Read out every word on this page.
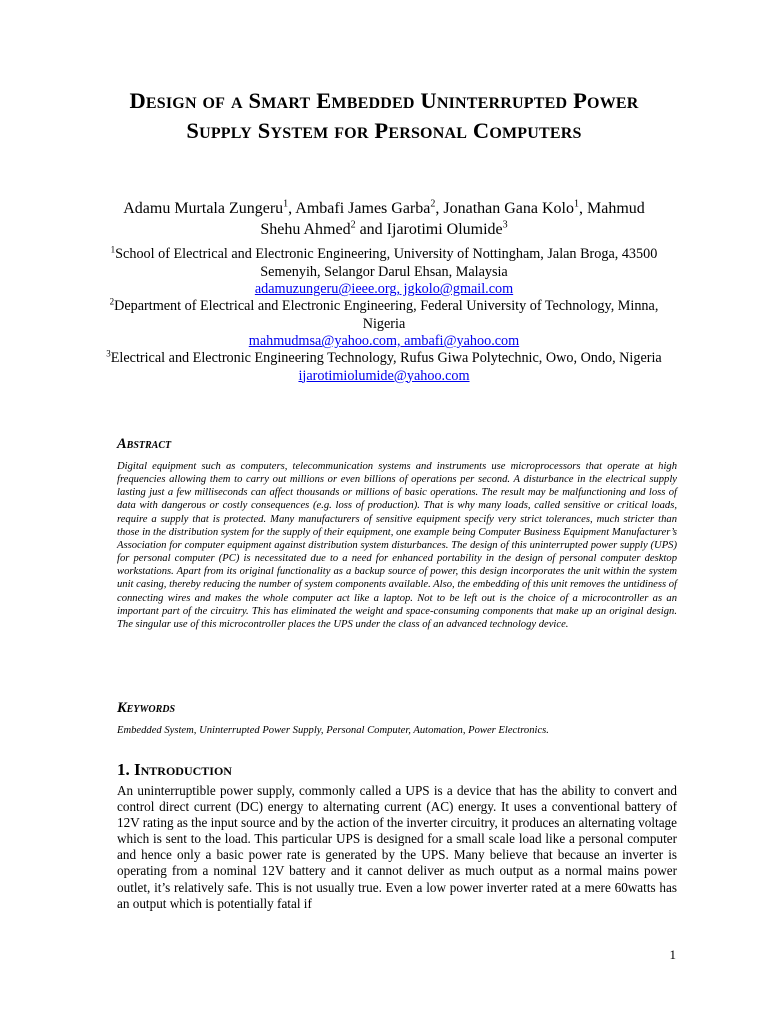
Design of a Smart Embedded Uninterrupted Power Supply System for Personal Computers
Adamu Murtala Zungeru$^1$, Ambafi James Garba$^2$, Jonathan Gana Kolo$^1$, Mahmud Shehu Ahmed$^2$ and Ijarotimi Olumide$^3$
$^1$School of Electrical and Electronic Engineering, University of Nottingham, Jalan Broga, 43500 Semenyih, Selangor Darul Ehsan, Malaysia
adamuzungeru@ieee.org, jgkolo@gmail.com
$^2$Department of Electrical and Electronic Engineering, Federal University of Technology, Minna, Nigeria
mahmudmsa@yahoo.com, ambafi@yahoo.com
$^3$Electrical and Electronic Engineering Technology, Rufus Giwa Polytechnic, Owo, Ondo, Nigeria
ijarotimiolumide@yahoo.com
Abstract
Digital equipment such as computers, telecommunication systems and instruments use microprocessors that operate at high frequencies allowing them to carry out millions or even billions of operations per second. A disturbance in the electrical supply lasting just a few milliseconds can affect thousands or millions of basic operations. The result may be malfunctioning and loss of data with dangerous or costly consequences (e.g. loss of production). That is why many loads, called sensitive or critical loads, require a supply that is protected. Many manufacturers of sensitive equipment specify very strict tolerances, much stricter than those in the distribution system for the supply of their equipment, one example being Computer Business Equipment Manufacturer’s Association for computer equipment against distribution system disturbances. The design of this uninterrupted power supply (UPS) for personal computer (PC) is necessitated due to a need for enhanced portability in the design of personal computer desktop workstations. Apart from its original functionality as a backup source of power, this design incorporates the unit within the system unit casing, thereby reducing the number of system components available. Also, the embedding of this unit removes the untidiness of connecting wires and makes the whole computer act like a laptop. Not to be left out is the choice of a microcontroller as an important part of the circuitry. This has eliminated the weight and space-consuming components that make up an original design. The singular use of this microcontroller places the UPS under the class of an advanced technology device.
Keywords
Embedded System, Uninterrupted Power Supply, Personal Computer, Automation, Power Electronics.
1. Introduction
An uninterruptible power supply, commonly called a UPS is a device that has the ability to convert and control direct current (DC) energy to alternating current (AC) energy. It uses a conventional battery of 12V rating as the input source and by the action of the inverter circuitry, it produces an alternating voltage which is sent to the load. This particular UPS is designed for a small scale load like a personal computer and hence only a basic power rate is generated by the UPS. Many believe that because an inverter is operating from a nominal 12V battery and it cannot deliver as much output as a normal mains power outlet, it’s relatively safe. This is not usually true. Even a low power inverter rated at a mere 60watts has an output which is potentially fatal if
1
